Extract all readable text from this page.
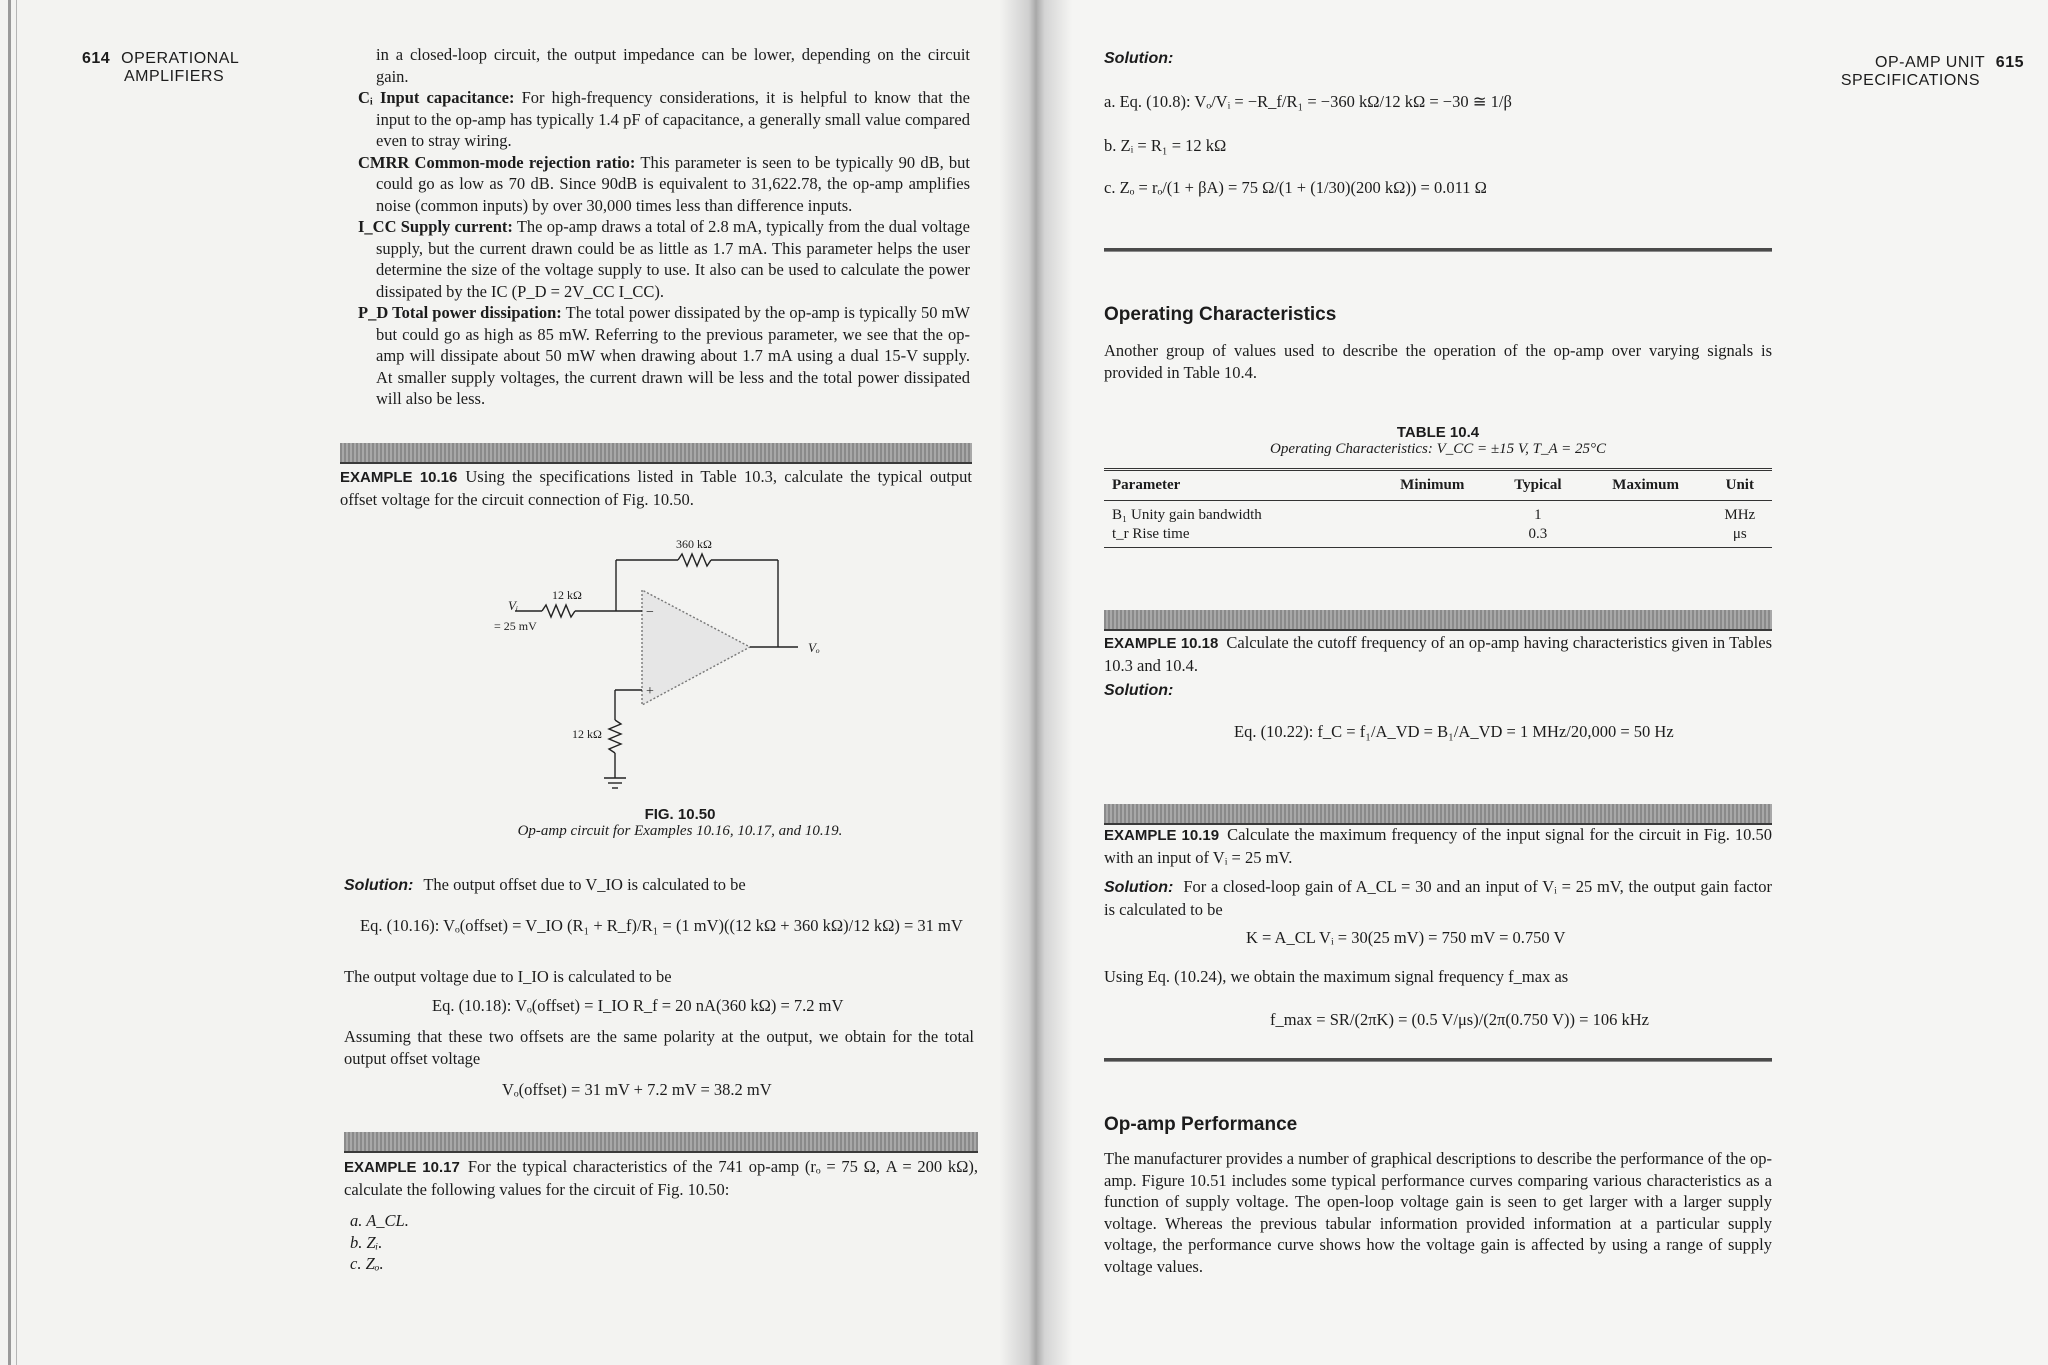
614 OPERATIONAL
AMPLIFIERS

in a closed-loop circuit, the output impedance can be lower, depending on the circuit gain.

Cᵢ Input capacitance: For high-frequency considerations, it is helpful to know that the input to the op-amp has typically 1.4 pF of capacitance, a generally small value compared even to stray wiring.

CMRR Common-mode rejection ratio: This parameter is seen to be typically 90 dB, but could go as low as 70 dB. Since 90dB is equivalent to 31,622.78, the op-amp amplifies noise (common inputs) by over 30,000 times less than difference inputs.

I_CC Supply current: The op-amp draws a total of 2.8 mA, typically from the dual voltage supply, but the current drawn could be as little as 1.7 mA. This parameter helps the user determine the size of the voltage supply to use. It also can be used to calculate the power dissipated by the IC (P_D = 2V_CC I_CC).

P_D Total power dissipation: The total power dissipated by the op-amp is typically 50 mW but could go as high as 85 mW. Referring to the previous parameter, we see that the op-amp will dissipate about 50 mW when drawing about 1.7 mA using a dual 15-V supply. At smaller supply voltages, the current drawn will be less and the total power dissipated will also be less.

EXAMPLE 10.16 Using the specifications listed in Table 10.3, calculate the typical output offset voltage for the circuit connection of Fig. 10.50.
360 kΩ
12 kΩ
12 kΩ
Vᵢ
= 25 mV
Vₒ
−
+
FIG. 10.50
Op-amp circuit for Examples 10.16, 10.17, and 10.19.
Solution: The output offset due to V_IO is calculated to be
Eq. (10.16): Vₒ(offset) = V_IO (R₁ + R_f)/R₁ = (1 mV)((12 kΩ + 360 kΩ)/12 kΩ) = 31 mV
The output voltage due to I_IO is calculated to be
Eq. (10.18): Vₒ(offset) = I_IO R_f = 20 nA(360 kΩ) = 7.2 mV
Assuming that these two offsets are the same polarity at the output, we obtain for the total output offset voltage
Vₒ(offset) = 31 mV + 7.2 mV = 38.2 mV
EXAMPLE 10.17 For the typical characteristics of the 741 op-amp (rₒ = 75 Ω, A = 200 kΩ), calculate the following values for the circuit of Fig. 10.50:
a. A_CL.
b. Zᵢ.
c. Zₒ.
OP-AMP UNIT 615
SPECIFICATIONS
Solution:
a. Eq. (10.8): Vₒ/Vᵢ = −R_f/R₁ = −360 kΩ/12 kΩ = −30 ≅ 1/β
b. Zᵢ = R₁ = 12 kΩ
c. Zₒ = rₒ/(1 + βA) = 75 Ω/(1 + (1/30)(200 kΩ)) = 0.011 Ω
Operating Characteristics
Another group of values used to describe the operation of the op-amp over varying signals is provided in Table 10.4.
TABLE 10.4
Operating Characteristics: V_CC = ±15 V, T_A = 25°C
Parameter	Minimum	Typical	Maximum	Unit
B₁ Unity gain bandwidth		1		MHz
t_r Rise time		0.3		μs
EXAMPLE 10.18 Calculate the cutoff frequency of an op-amp having characteristics given in Tables 10.3 and 10.4.
Solution:
Eq. (10.22): f_C = f₁/A_VD = B₁/A_VD = 1 MHz/20,000 = 50 Hz
EXAMPLE 10.19 Calculate the maximum frequency of the input signal for the circuit in Fig. 10.50 with an input of Vᵢ = 25 mV.
Solution: For a closed-loop gain of A_CL = 30 and an input of Vᵢ = 25 mV, the output gain factor is calculated to be
K = A_CL Vᵢ = 30(25 mV) = 750 mV = 0.750 V
Using Eq. (10.24), we obtain the maximum signal frequency f_max as
f_max = SR/(2πK) = (0.5 V/μs)/(2π(0.750 V)) = 106 kHz
Op-amp Performance
The manufacturer provides a number of graphical descriptions to describe the performance of the op-amp. Figure 10.51 includes some typical performance curves comparing various characteristics as a function of supply voltage. The open-loop voltage gain is seen to get larger with a larger supply voltage. Whereas the previous tabular information provided information at a particular supply voltage, the performance curve shows how the voltage gain is affected by using a range of supply voltage values.
